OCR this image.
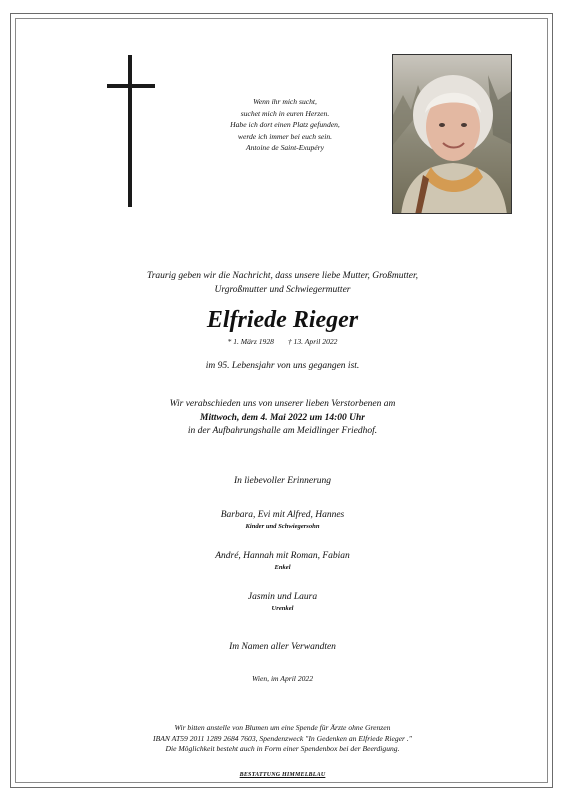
Wenn ihr mich sucht,
suchet mich in euren Herzen.
Habe ich dort einen Platz gefunden,
werde ich immer bei euch sein.
Antoine de Saint-Exupéry
Traurig geben wir die Nachricht, dass unsere liebe Mutter, Großmutter,
Urgroßmutter und Schwiegermutter
Elfriede Rieger
* 1. März 1928 † 13. April 2022
im 95. Lebensjahr von uns gegangen ist.
Wir verabschieden uns von unserer lieben Verstorbenen am
Mittwoch, dem 4. Mai 2022 um 14:00 Uhr
in der Aufbahrungshalle am Meidlinger Friedhof.
In liebevoller Erinnerung
Barbara, Evi mit Alfred, Hannes
Kinder und Schwiegersohn
André, Hannah mit Roman, Fabian
Enkel
Jasmin und Laura
Urenkel
Im Namen aller Verwandten
Wien, im April 2022
Wir bitten anstelle von Blumen um eine Spende für Ärzte ohne Grenzen
IBAN AT59 2011 1289 2684 7603, Spendenzweck "In Gedenken an Elfriede Rieger ."
Die Möglichkeit besteht auch in Form einer Spendenbox bei der Beerdigung.
BESTATTUNG HIMMELBLAU
